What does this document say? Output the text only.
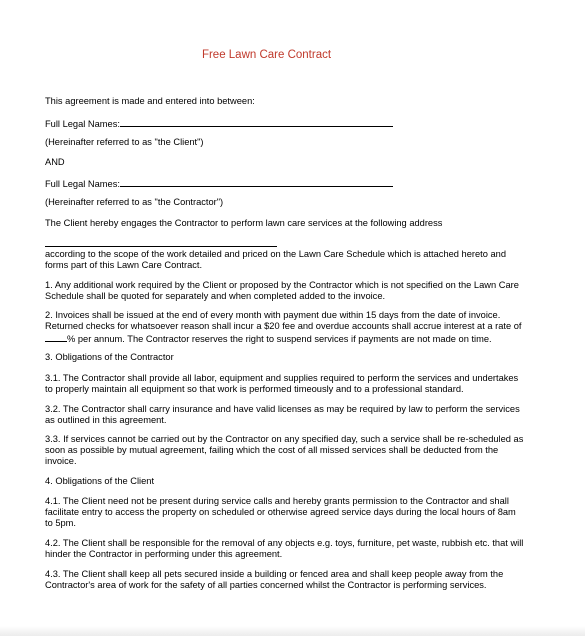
Free Lawn Care Contract
This agreement is made and entered into between:
Full Legal Names:
(Hereinafter referred to as "the Client")
AND
Full Legal Names:
(Hereinafter referred to as "the Contractor")
The Client hereby engages the Contractor to perform lawn care services at the following address
according to the scope of the work detailed and priced on the Lawn Care Schedule which is attached hereto and
forms part of this Lawn Care Contract.
1. Any additional work required by the Client or proposed by the Contractor which is not specified on the Lawn Care
Schedule shall be quoted for separately and when completed added to the invoice.
2. Invoices shall be issued at the end of every month with payment due within 15 days from the date of invoice.
Returned checks for whatsoever reason shall incur a $20 fee and overdue accounts shall accrue interest at a rate of
% per annum. The Contractor reserves the right to suspend services if payments are not made on time.
3. Obligations of the Contractor
3.1. The Contractor shall provide all labor, equipment and supplies required to perform the services and undertakes
to properly maintain all equipment so that work is performed timeously and to a professional standard.
3.2. The Contractor shall carry insurance and have valid licenses as may be required by law to perform the services
as outlined in this agreement.
3.3. If services cannot be carried out by the Contractor on any specified day, such a service shall be re-scheduled as
soon as possible by mutual agreement, failing which the cost of all missed services shall be deducted from the
invoice.
4. Obligations of the Client
4.1. The Client need not be present during service calls and hereby grants permission to the Contractor and shall
facilitate entry to access the property on scheduled or otherwise agreed service days during the local hours of 8am
to 5pm.
4.2. The Client shall be responsible for the removal of any objects e.g. toys, furniture, pet waste, rubbish etc. that will
hinder the Contractor in performing under this agreement.
4.3. The Client shall keep all pets secured inside a building or fenced area and shall keep people away from the
Contractor's area of work for the safety of all parties concerned whilst the Contractor is performing services.
